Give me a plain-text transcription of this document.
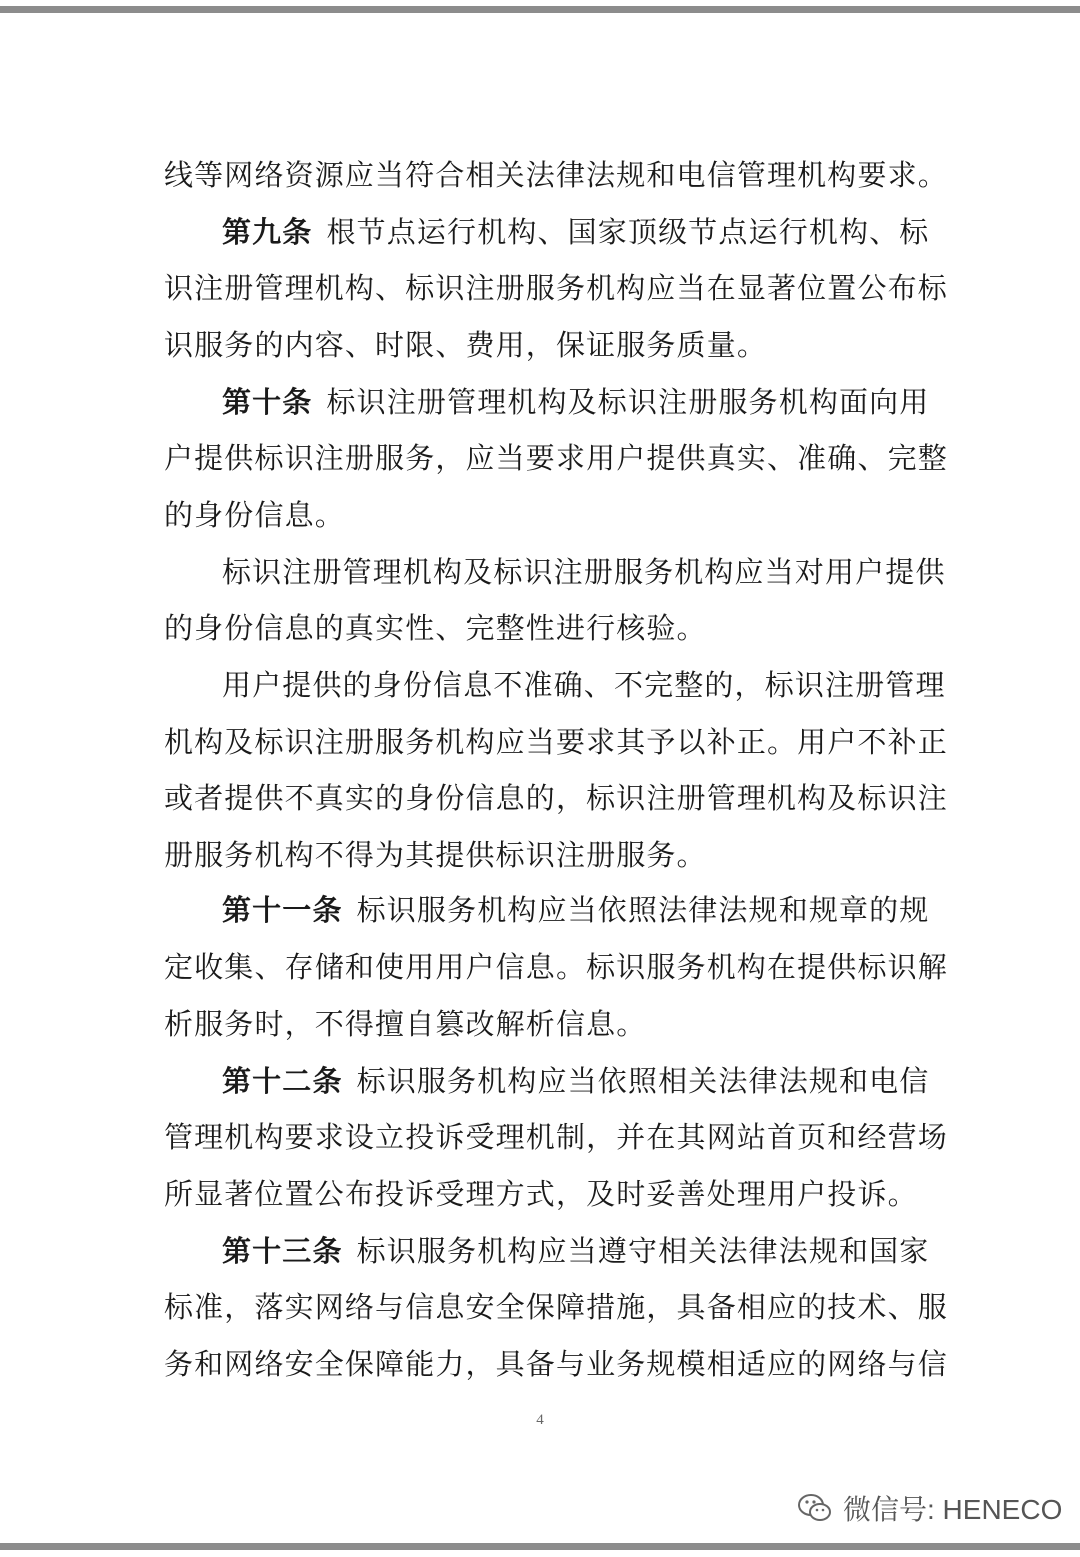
线等网络资源应当符合相关法律法规和电信管理机构要求。
第九条 根节点运行机构、国家顶级节点运行机构、标
识注册管理机构、标识注册服务机构应当在显著位置公布标
识服务的内容、时限、费用，保证服务质量。
第十条 标识注册管理机构及标识注册服务机构面向用
户提供标识注册服务，应当要求用户提供真实、准确、完整
的身份信息。
标识注册管理机构及标识注册服务机构应当对用户提供
的身份信息的真实性、完整性进行核验。
用户提供的身份信息不准确、不完整的，标识注册管理
机构及标识注册服务机构应当要求其予以补正。用户不补正
或者提供不真实的身份信息的，标识注册管理机构及标识注
册服务机构不得为其提供标识注册服务。
第十一条 标识服务机构应当依照法律法规和规章的规
定收集、存储和使用用户信息。标识服务机构在提供标识解
析服务时，不得擅自篡改解析信息。
第十二条 标识服务机构应当依照相关法律法规和电信
管理机构要求设立投诉受理机制，并在其网站首页和经营场
所显著位置公布投诉受理方式，及时妥善处理用户投诉。
第十三条 标识服务机构应当遵守相关法律法规和国家
标准，落实网络与信息安全保障措施，具备相应的技术、服
务和网络安全保障能力，具备与业务规模相适应的网络与信
4
微信号: HENECO
